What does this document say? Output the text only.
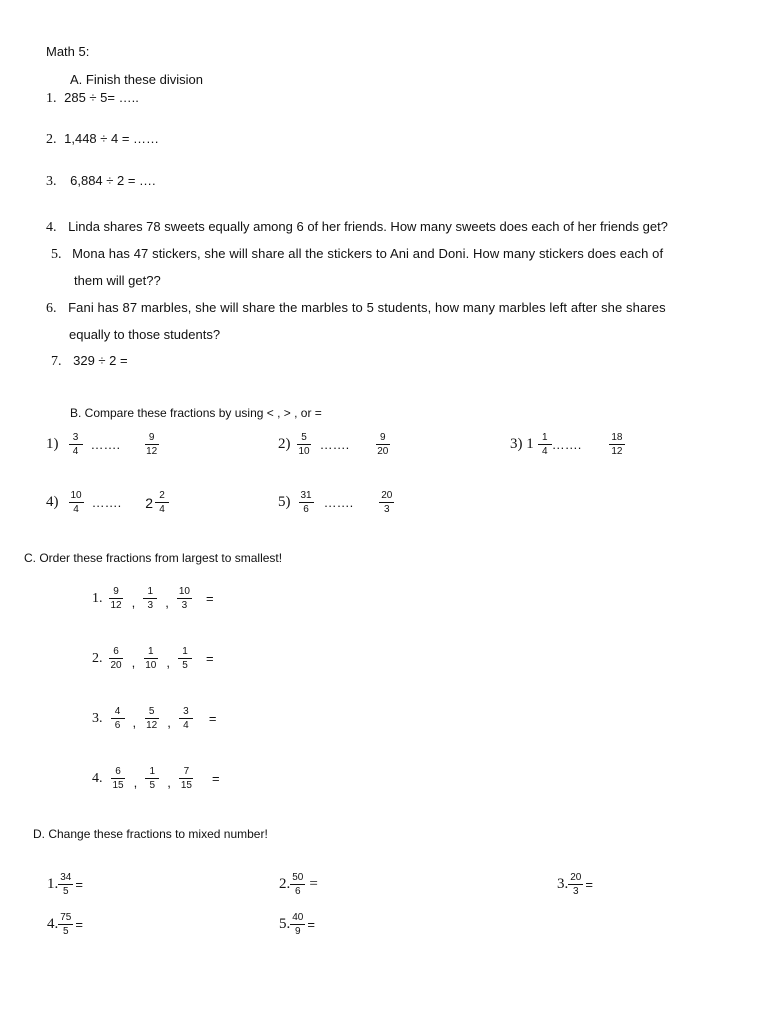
Math 5:
A. Finish these division
1. 285 ÷ 5= …..
2. 1,448 ÷ 4 = ……
3. 6,884 ÷ 2 = ….
4. Linda shares 78 sweets equally among 6 of her friends. How many sweets does each of her friends get?
5. Mona has 47 stickers, she will share all the stickers to Ani and Doni. How many stickers does each of
them will get??
6. Fani has 87 marbles, she will share the marbles to 5 students, how many marbles left after she shares
equally to those students?
7. 329 ÷ 2 =
B. Compare these fractions by using < , > , or =
$1) \frac{3}{4}$ ……. $\frac{9}{12}$	$2) \frac{5}{10}$ …….	$\frac{9}{20}$	3) $1 \frac{1}{4}$ …….	$\frac{18}{12}$
$4) \frac{10}{4}$ ……. $2 \frac{2}{4}$	$5) \frac{31}{6}$ …….	$\frac{20}{3}$
C. Order these fractions from largest to smallest!
1. $\frac{9}{12}$ , $\frac{1}{3}$ , $\frac{10}{3}$ =
2. $\frac{6}{20}$ , $\frac{1}{10}$ , $\frac{1}{5}$ =
3. $\frac{4}{6}$ , $\frac{5}{12}$ , $\frac{3}{4}$ =
4. $\frac{6}{15}$ , $\frac{1}{5}$ , $\frac{7}{15}$ =
D. Change these fractions to mixed number!
1. $\frac{34}{5}$ =	2. $\frac{50}{6}$ =	3. $\frac{20}{3}$ =
4. $\frac{75}{5}$ =	5. $\frac{40}{9}$ =
